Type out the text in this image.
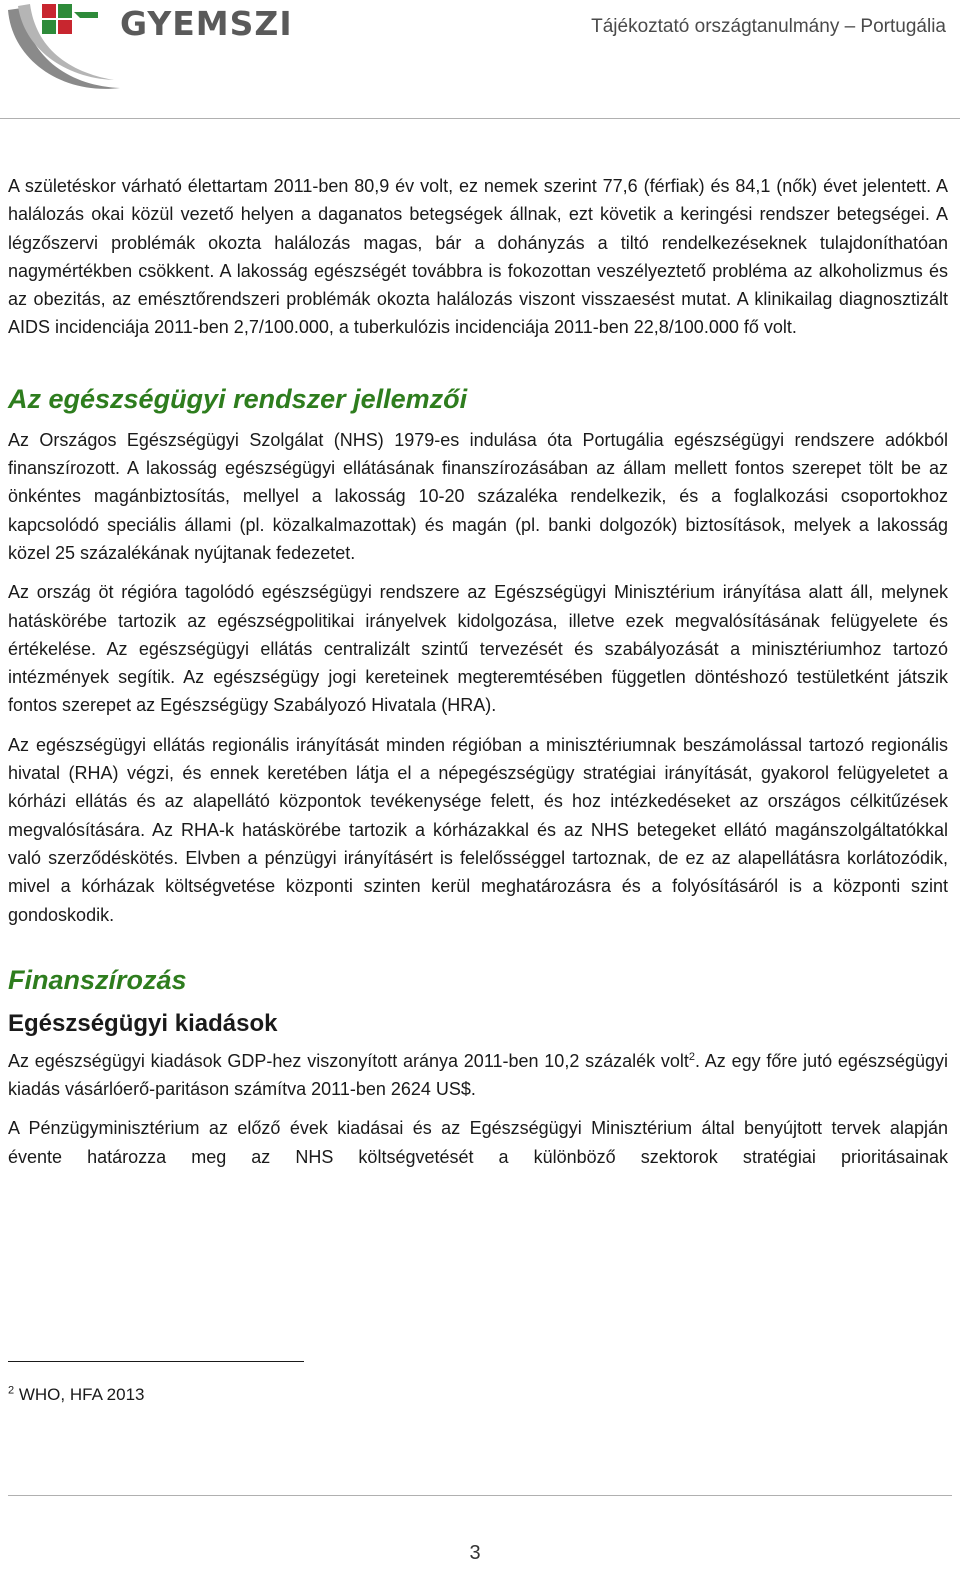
GYEMSZI	Tájékoztató országtanulmány – Portugália

A születéskor várható élettartam 2011-ben 80,9 év volt, ez nemek szerint 77,6 (férfiak) és 84,1 (nők) évet jelentett. A halálozás okai közül vezető helyen a daganatos betegségek állnak, ezt követik a keringési rendszer betegségei. A légzőszervi problémák okozta halálozás magas, bár a dohányzás a tiltó rendelkezéseknek tulajdoníthatóan nagymértékben csökkent. A lakosság egészségét továbbra is fokozottan veszélyeztető probléma az alkoholizmus és az obezitás, az emésztőrendszeri problémák okozta halálozás viszont visszaesést mutat. A klinikailag diagnosztizált AIDS incidenciája 2011-ben 2,7/100.000, a tuberkulózis incidenciája 2011-ben 22,8/100.000 fő volt.

Az egészségügyi rendszer jellemzői

Az Országos Egészségügyi Szolgálat (NHS) 1979-es indulása óta Portugália egészségügyi rendszere adókból finanszírozott. A lakosság egészségügyi ellátásának finanszírozásában az állam mellett fontos szerepet tölt be az önkéntes magánbiztosítás, mellyel a lakosság 10-20 százaléka rendelkezik, és a foglalkozási csoportokhoz kapcsolódó speciális állami (pl. közalkalmazottak) és magán (pl. banki dolgozók) biztosítások, melyek a lakosság közel 25 százalékának nyújtanak fedezetet.

Az ország öt régióra tagolódó egészségügyi rendszere az Egészségügyi Minisztérium irányítása alatt áll, melynek hatáskörébe tartozik az egészségpolitikai irányelvek kidolgozása, illetve ezek megvalósításának felügyelete és értékelése. Az egészségügyi ellátás centralizált szintű tervezését és szabályozását a minisztériumhoz tartozó intézmények segítik. Az egészségügy jogi kereteinek megteremtésében független döntéshozó testületként játszik fontos szerepet az Egészségügy Szabályozó Hivatala (HRA).

Az egészségügyi ellátás regionális irányítását minden régióban a minisztériumnak beszámolással tartozó regionális hivatal (RHA) végzi, és ennek keretében látja el a népegészségügy stratégiai irányítását, gyakorol felügyeletet a kórházi ellátás és az alapellátó központok tevékenysége felett, és hoz intézkedéseket az országos célkitűzések megvalósítására. Az RHA-k hatáskörébe tartozik a kórházakkal és az NHS betegeket ellátó magánszolgáltatókkal való szerződéskötés. Elvben a pénzügyi irányításért is felelősséggel tartoznak, de ez az alapellátásra korlátozódik, mivel a kórházak költségvetése központi szinten kerül meghatározásra és a folyósításáról is a központi szint gondoskodik.

Finanszírozás
Egészségügyi kiadások

Az egészségügyi kiadások GDP-hez viszonyított aránya 2011-ben 10,2 százalék volt$^2$. Az egy főre jutó egészségügyi kiadás vásárlóerő-paritáson számítva 2011-ben 2624 US$.

A Pénzügyminisztérium az előző évek kiadásai és az Egészségügyi Minisztérium által benyújtott tervek alapján évente határozza meg az NHS költségvetését a különböző szektorok stratégiai prioritásainak

$^2$ WHO, HFA 2013
3
